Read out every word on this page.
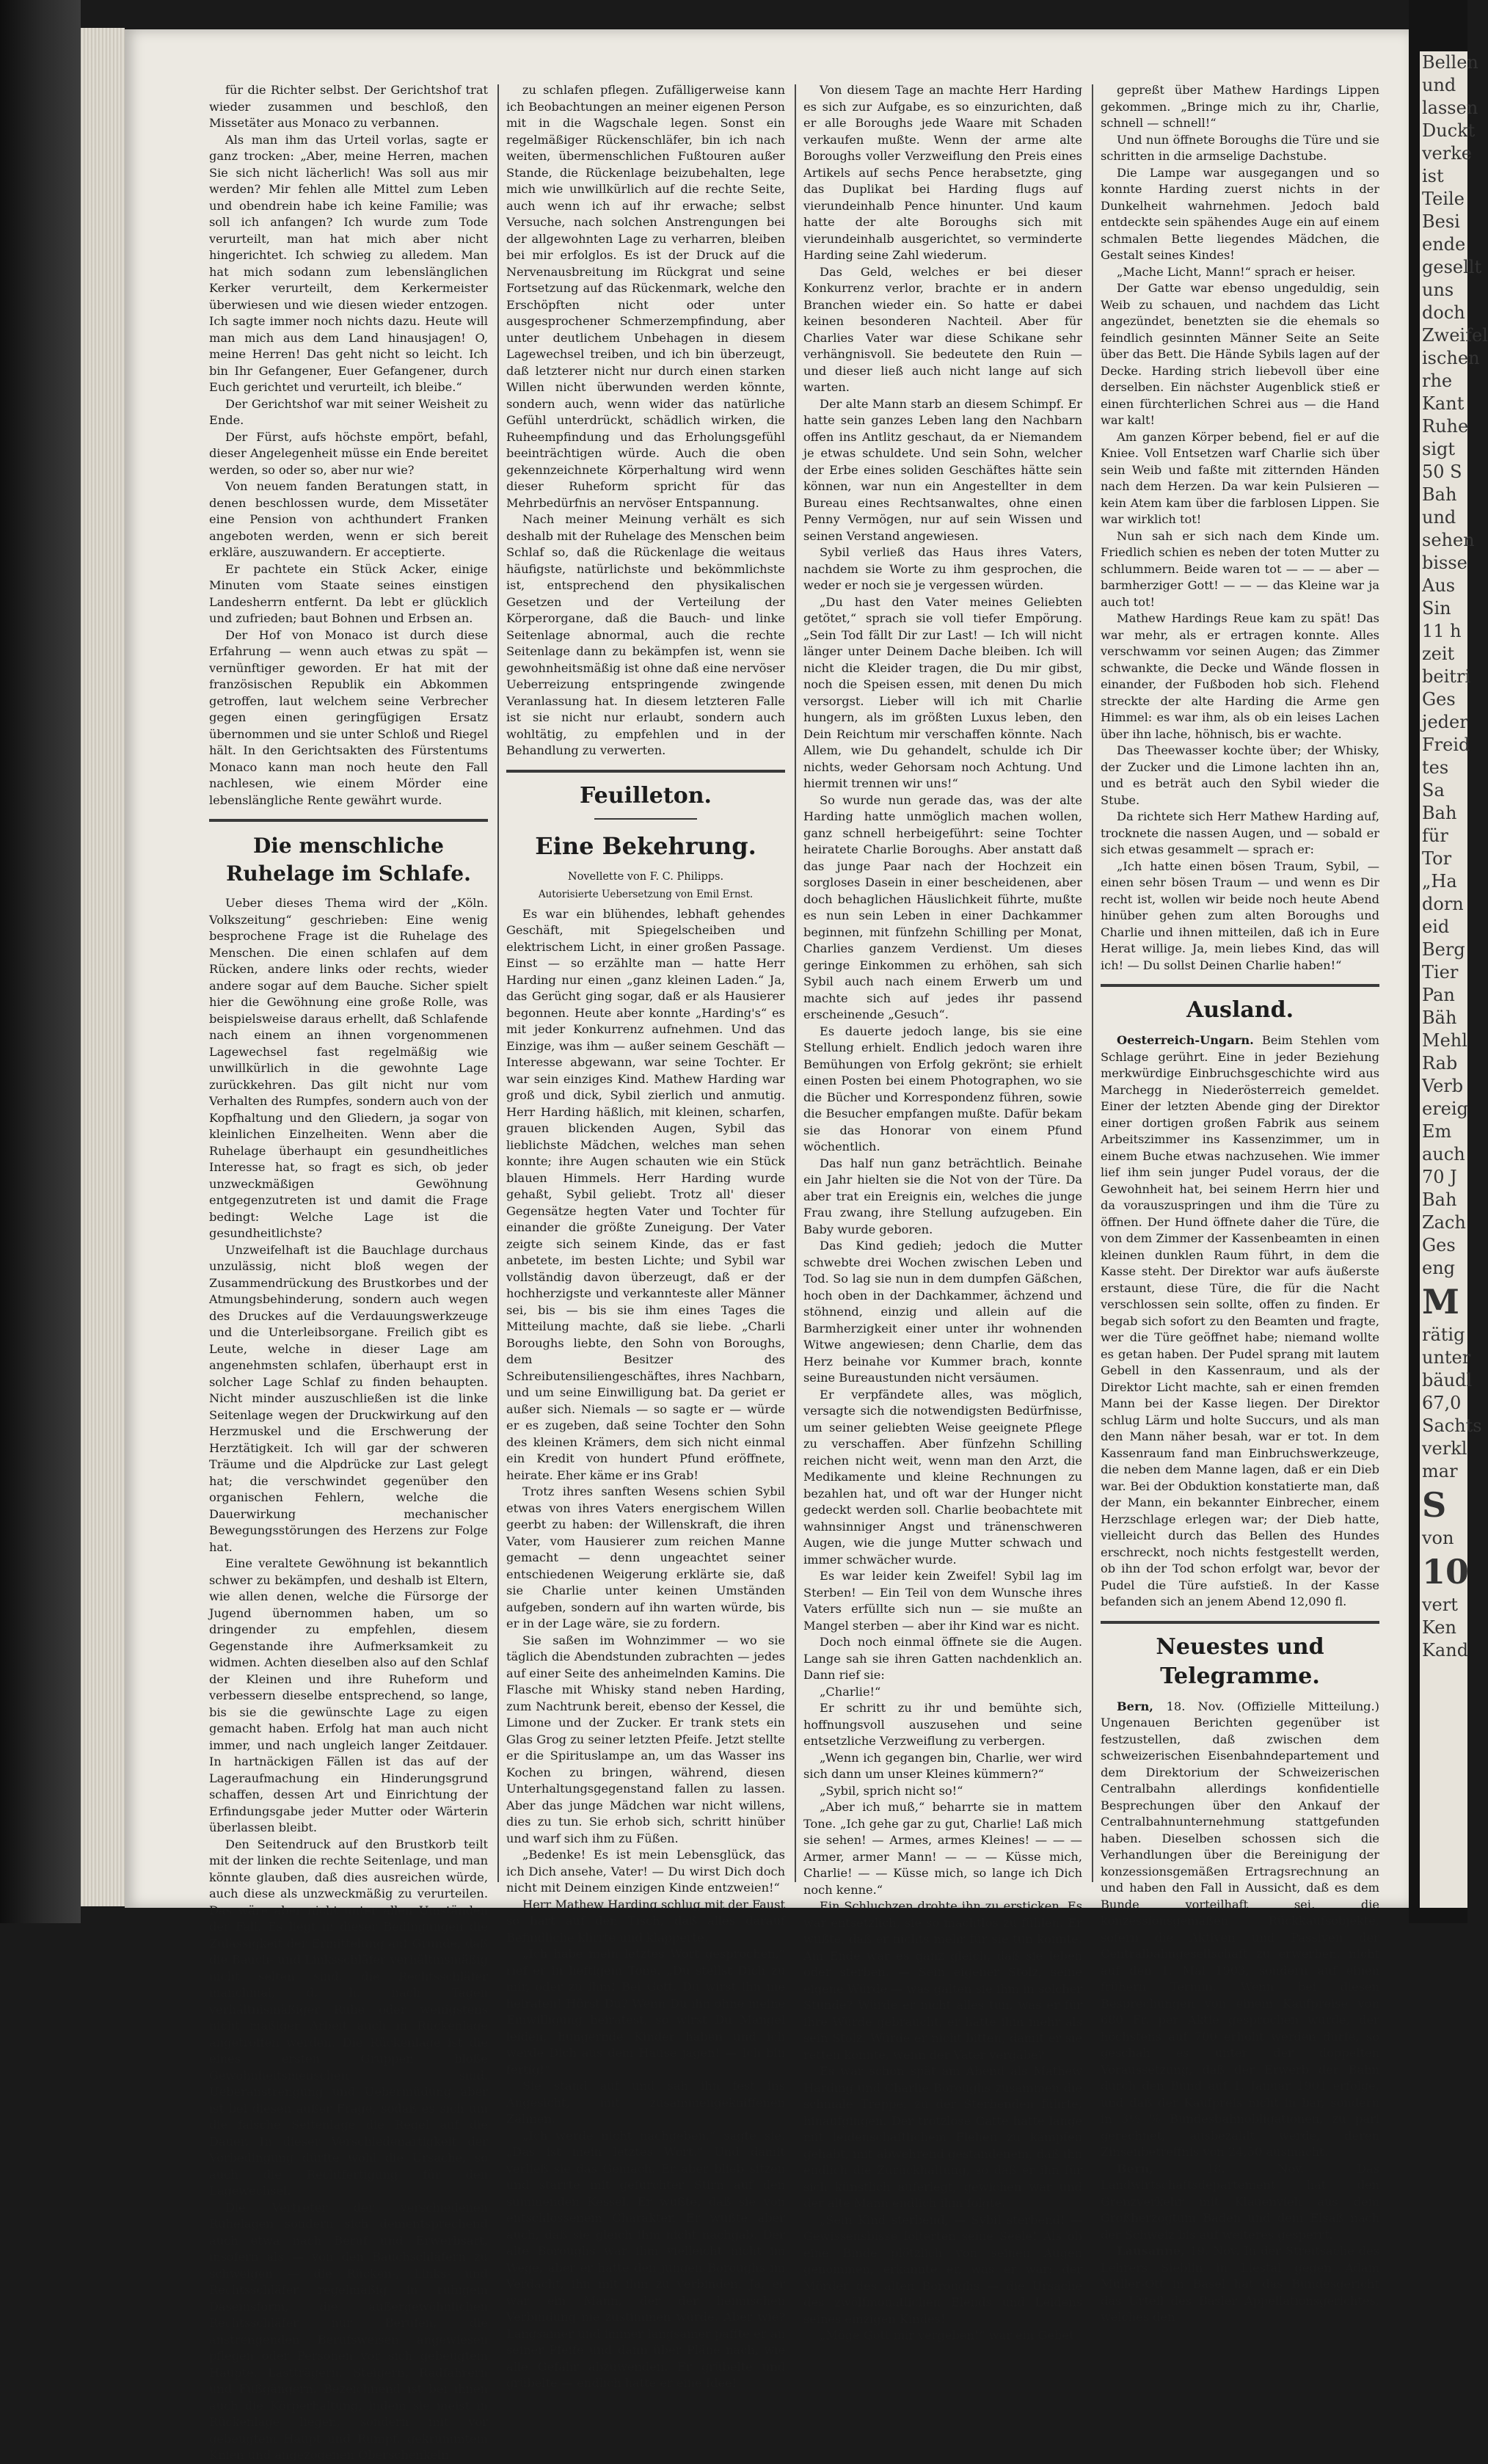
Bellen
und
lassen
Duckt
verke
ist
Teile
Besi
ende
gesellt
uns
doch
Zweifel
ischen
rhe
Kant
Ruhe
sigt
50 S
Bah
und
sehen
bisse
Aus
Sin
11 h
zeit
beitri
Ges
jeder
Freid
tes
Sa
Bah
für
Tor
„Ha
dorn
eid
Berg
Tier
Pan
Bäh
Mehl
Rab
Verb
ereig
Em
auch
70 J
Bah
Zach
Ges
eng
M
rätig
unter
bäudl
67,0
Sachts
verkl
mar
S
von
10
vert
Ken
Kand

für die Richter selbst. Der Gerichtshof trat wieder zusammen und beschloß, den Missetäter aus Monaco zu verbannen.

Als man ihm das Urteil vorlas, sagte er ganz trocken: „Aber, meine Herren, machen Sie sich nicht lächerlich! Was soll aus mir werden? Mir fehlen alle Mittel zum Leben und obendrein habe ich keine Familie; was soll ich anfangen? Ich wurde zum Tode verurteilt, man hat mich aber nicht hingerichtet. Ich schwieg zu alledem. Man hat mich sodann zum lebenslänglichen Kerker verurteilt, dem Kerkermeister überwiesen und wie diesen wieder entzogen. Ich sagte immer noch nichts dazu. Heute will man mich aus dem Land hinausjagen! O, meine Herren! Das geht nicht so leicht. Ich bin Ihr Gefangener, Euer Gefangener, durch Euch gerichtet und verurteilt, ich bleibe.“

Der Gerichtshof war mit seiner Weisheit zu Ende.

Der Fürst, aufs höchste empört, befahl, dieser Angelegenheit müsse ein Ende bereitet werden, so oder so, aber nur wie?

Von neuem fanden Beratungen statt, in denen beschlossen wurde, dem Missetäter eine Pension von achthundert Franken angeboten werden, wenn er sich bereit erkläre, auszuwandern. Er acceptierte.

Er pachtete ein Stück Acker, einige Minuten vom Staate seines einstigen Landesherrn entfernt. Da lebt er glücklich und zufrieden; baut Bohnen und Erbsen an.

Der Hof von Monaco ist durch diese Erfahrung — wenn auch etwas zu spät — vernünftiger geworden. Er hat mit der französischen Republik ein Abkommen getroffen, laut welchem seine Verbrecher gegen einen geringfügigen Ersatz übernommen und sie unter Schloß und Riegel hält. In den Gerichtsakten des Fürstentums Monaco kann man noch heute den Fall nachlesen, wie einem Mörder eine lebenslängliche Rente gewährt wurde.

Die menschliche Ruhelage im Schlafe.

Ueber dieses Thema wird der „Köln. Volkszeitung“ geschrieben: Eine wenig besprochene Frage ist die Ruhelage des Menschen. Die einen schlafen auf dem Rücken, andere links oder rechts, wieder andere sogar auf dem Bauche. Sicher spielt hier die Gewöhnung eine große Rolle, was beispielsweise daraus erhellt, daß Schlafende nach einem an ihnen vorgenommenen Lagewechsel fast regelmäßig wie unwillkürlich in die gewohnte Lage zurückkehren. Das gilt nicht nur vom Verhalten des Rumpfes, sondern auch von der Kopfhaltung und den Gliedern, ja sogar von kleinlichen Einzelheiten. Wenn aber die Ruhelage überhaupt ein gesundheitliches Interesse hat, so fragt es sich, ob jeder unzweckmäßigen Gewöhnung entgegenzutreten ist und damit die Frage bedingt: Welche Lage ist die gesundheitlichste?

Unzweifelhaft ist die Bauchlage durchaus unzulässig, nicht bloß wegen der Zusammendrückung des Brustkorbes und der Atmungsbehinderung, sondern auch wegen des Druckes auf die Verdauungswerkzeuge und die Unterleibsorgane. Freilich gibt es Leute, welche in dieser Lage am angenehmsten schlafen, überhaupt erst in solcher Lage Schlaf zu finden behaupten. Nicht minder auszuschließen ist die linke Seitenlage wegen der Druckwirkung auf den Herzmuskel und die Erschwerung der Herztätigkeit. Ich will gar der schweren Träume und die Alpdrücke zur Last gelegt hat; die verschwindet gegenüber den organischen Fehlern, welche die Dauerwirkung mechanischer Bewegungsstörungen des Herzens zur Folge hat.

Eine veraltete Gewöhnung ist bekanntlich schwer zu bekämpfen, und deshalb ist Eltern, wie allen denen, welche die Fürsorge der Jugend übernommen haben, um so dringender zu empfehlen, diesem Gegenstande ihre Aufmerksamkeit zu widmen. Achten dieselben also auf den Schlaf der Kleinen und ihre Ruheform und verbessern dieselbe entsprechend, so lange, bis sie die gewünschte Lage zu eigen gemacht haben. Erfolg hat man auch nicht immer, und nach ungleich langer Zeitdauer. In hartnäckigen Fällen ist das auf der Lageraufmachung ein Hinderungsgrund schaffen, dessen Art und Einrichtung der Erfindungsgabe jeder Mutter oder Wärterin überlassen bleibt.

Den Seitendruck auf den Brustkorb teilt mit der linken die rechte Seitenlage, und man könnte glauben, daß dies ausreichen würde, auch diese als unzweckmäßig zu verurteilen. Das wäre aber nicht unter allen Umständen der Fall. Es liegt in dieser Bedingungen die Zulässigkeit der Ermittelung auf Grunde, daß die Bauch- und Linksschläfer verhältnismäßig nicht selten sind, die Rechtsschläfer manchmal, d. h. nach Tagen verhältnismäßiger Ruhe oder wenigstens nicht mäßiger Arbeit auch in Rückenlage angetroffen werden. Die Rückenlage ist die eines ersten Gruppen bloße Gewohnheitsmenschen sind. Ueberanstrengung und Uebermüdung aber ist bei diesen außer Frage, sodaß es sich um die falsche Seitenlage die Regel auf die Dauer. In dieser Verschiedenartigkeit der Vorbedingung dürfte wohl die Ursache, so auch die Rechtfertigung für den Lagewechsel.

Die Vertreter der verschiedenen Ruhelagen sondern sich dementsprechend auch etwa nach Beruf und Erwerbsart, insofern als — von den Bauchschläfern zu schweigen — die Rücken-, Links- und Rechtsschläfer regelmäßig in ruhigem Daseinsform, die außergewöhnlichen Rechtsschläfer nur Berufen, die anstrengenden Berufsweisen angewiesen pflegen oder Personen vor sich gebeugtem Haupte, Lastträgern, Steigern, Radfahrern und Fußgängern. Bezeichnend ist bei ihnen auch die Körperhaltung, indem sie meist in Rückenlage liegen, sondern mit vor gebeugtem Haupt und Rumpf, gekrümmtem Knien und angezogenen Oberschenkeln

zu schlafen pflegen. Zufälligerweise kann ich Beobachtungen an meiner eigenen Person mit in die Wagschale legen. Sonst ein regelmäßiger Rückenschläfer, bin ich nach weiten, übermenschlichen Fußtouren außer Stande, die Rückenlage beizubehalten, lege mich wie unwillkürlich auf die rechte Seite, auch wenn ich auf ihr erwache; selbst Versuche, nach solchen Anstrengungen bei der allgewohnten Lage zu verharren, bleiben bei mir erfolglos. Es ist der Druck auf die Nervenausbreitung im Rückgrat und seine Fortsetzung auf das Rückenmark, welche den Erschöpften nicht oder unter ausgesprochener Schmerzempfindung, aber unter deutlichem Unbehagen in diesem Lagewechsel treiben, und ich bin überzeugt, daß letzterer nicht nur durch einen starken Willen nicht überwunden werden könnte, sondern auch, wenn wider das natürliche Gefühl unterdrückt, schädlich wirken, die Ruheempfindung und das Erholungsgefühl beeinträchtigen würde. Auch die oben gekennzeichnete Körperhaltung wird wenn dieser Ruheform spricht für das Mehrbedürfnis an nervöser Entspannung.

Nach meiner Meinung verhält es sich deshalb mit der Ruhelage des Menschen beim Schlaf so, daß die Rückenlage die weitaus häufigste, natürlichste und bekömmlichste ist, entsprechend den physikalischen Gesetzen und der Verteilung der Körperorgane, daß die Bauch- und linke Seitenlage abnormal, auch die rechte Seitenlage dann zu bekämpfen ist, wenn sie gewohnheitsmäßig ist ohne daß eine nervöser Ueberreizung entspringende zwingende Veranlassung hat. In diesem letzteren Falle ist sie nicht nur erlaubt, sondern auch wohltätig, zu empfehlen und in der Behandlung zu verwerten.

Feuilleton.
Eine Bekehrung.
Novellette von F. C. Philipps.
Autorisierte Uebersetzung von Emil Ernst.

Es war ein blühendes, lebhaft gehendes Geschäft, mit Spiegelscheiben und elektrischem Licht, in einer großen Passage. Einst — so erzählte man — hatte Herr Harding nur einen „ganz kleinen Laden.“ Ja, das Gerücht ging sogar, daß er als Hausierer begonnen. Heute aber konnte „Harding's“ es mit jeder Konkurrenz aufnehmen. Und das Einzige, was ihm — außer seinem Geschäft — Interesse abgewann, war seine Tochter. Er war sein einziges Kind. Mathew Harding war groß und dick, Sybil zierlich und anmutig. Herr Harding häßlich, mit kleinen, scharfen, grauen blickenden Augen, Sybil das lieblichste Mädchen, welches man sehen konnte; ihre Augen schauten wie ein Stück blauen Himmels. Herr Harding wurde gehaßt, Sybil geliebt. Trotz all' dieser Gegensätze hegten Vater und Tochter für einander die größte Zuneigung. Der Vater zeigte sich seinem Kinde, das er fast anbetete, im besten Lichte; und Sybil war vollständig davon überzeugt, daß er der hochherzigste und verkannteste aller Männer sei, bis — bis sie ihm eines Tages die Mitteilung machte, daß sie liebe. „Charli Boroughs liebte, den Sohn von Boroughs, dem Besitzer des Schreibutensiliengeschäftes, ihres Nachbarn, und um seine Einwilligung bat. Da geriet er außer sich. Niemals — so sagte er — würde er es zugeben, daß seine Tochter den Sohn des kleinen Krämers, dem sich nicht einmal ein Kredit von hundert Pfund eröffnete, heirate. Eher käme er ins Grab!

Trotz ihres sanften Wesens schien Sybil etwas von ihres Vaters energischem Willen geerbt zu haben: der Willenskraft, die ihren Vater, vom Hausierer zum reichen Manne gemacht — denn ungeachtet seiner entschiedenen Weigerung erklärte sie, daß sie Charlie unter keinen Umständen aufgeben, sondern auf ihn warten würde, bis er in der Lage wäre, sie zu fordern.

Sie saßen im Wohnzimmer — wo sie täglich die Abendstunden zubrachten — jedes auf einer Seite des anheimelnden Kamins. Die Flasche mit Whisky stand neben Harding, zum Nachtrunk bereit, ebenso der Kessel, die Limone und der Zucker. Er trank stets ein Glas Grog zu seiner letzten Pfeife. Jetzt stellte er die Spirituslampe an, um das Wasser ins Kochen zu bringen, während, diesen Unterhaltungsgegenstand fallen zu lassen. Aber das junge Mädchen war nicht willens, dies zu tun. Sie erhob sich, schritt hinüber und warf sich ihm zu Füßen.

„Bedenke! Es ist mein Lebensglück, das ich Dich ansehe, Vater! — Du wirst Dich doch nicht mit Deinem einzigen Kinde entzweien!“

Herr Mathew Harding schlug mit der Faust so hart auf den Tisch, daß alles darauf Befindliche klirrte und klapperte.

„Ich habe mein letztes Wort gesprochen,“ rief er in heftigem Tone. „Du stellst Dich zu mir, oder zu ihm! Bei Gott, Du wirst ihn nie heiraten! Hörst Du? Wenn Du ihn ohne meine Einwilligung heiratest, so wirst Du Mangel leiden, hungernde Kinder haben und ich werde Dich aus dem Hause jagen! — Ich bin fertig!“

Sie stand auf und sah ihn fest ins Angesicht, mit zusammengekniffenen Zähnen.

„Ich werde nicht nachgeben,“ sagte sie. „Das ist mein letztes Wort.“ Und damit verließ sie das Gemach. Er aber blieb sitzen und starrte mit gefurchter Stirn auf den summenden Kessel. Er wußte, daß sie von entschlossenem Charakter. Er wußte aber auch, daß sie gleich ihm nicht nachgab. Der alte Boroughs war ihm vielleicht nicht im Wege, aber er hatte den jungen Boroughs im Verdacht, ihn mit ihm zu verbinden. Ja, er war ein Mann, der der heimischen Verbindung nie zustimmen würde. Aber wie? Langsamer und immer langsamer paffte er an seiner Pfeife und dann über Pläne nach, wie alle Gefahr abzuwenden. Er grübelte und grübelte — endlich hatte er eine Idee!

Von diesem Tage an machte Herr Harding es sich zur Aufgabe, es so einzurichten, daß er alle Boroughs jede Waare mit Schaden verkaufen mußte. Wenn der arme alte Boroughs voller Verzweiflung den Preis eines Artikels auf sechs Pence herabsetzte, ging das Duplikat bei Harding flugs auf vierundeinhalb Pence hinunter. Und kaum hatte der alte Boroughs sich mit vierundeinhalb ausgerichtet, so verminderte Harding seine Zahl wiederum.

Das Geld, welches er bei dieser Konkurrenz verlor, brachte er in andern Branchen wieder ein. So hatte er dabei keinen besonderen Nachteil. Aber für Charlies Vater war diese Schikane sehr verhängnisvoll. Sie bedeutete den Ruin — und dieser ließ auch nicht lange auf sich warten.

Der alte Mann starb an diesem Schimpf. Er hatte sein ganzes Leben lang den Nachbarn offen ins Antlitz geschaut, da er Niemandem je etwas schuldete. Und sein Sohn, welcher der Erbe eines soliden Geschäftes hätte sein können, war nun ein Angestellter in dem Bureau eines Rechtsanwaltes, ohne einen Penny Vermögen, nur auf sein Wissen und seinen Verstand angewiesen.

Sybil verließ das Haus ihres Vaters, nachdem sie Worte zu ihm gesprochen, die weder er noch sie je vergessen würden.

„Du hast den Vater meines Geliebten getötet,“ sprach sie voll tiefer Empörung. „Sein Tod fällt Dir zur Last! — Ich will nicht länger unter Deinem Dache bleiben. Ich will nicht die Kleider tragen, die Du mir gibst, noch die Speisen essen, mit denen Du mich versorgst. Lieber will ich mit Charlie hungern, als im größten Luxus leben, den Dein Reichtum mir verschaffen könnte. Nach Allem, wie Du gehandelt, schulde ich Dir nichts, weder Gehorsam noch Achtung. Und hiermit trennen wir uns!“

So wurde nun gerade das, was der alte Harding hatte unmöglich machen wollen, ganz schnell herbeigeführt: seine Tochter heiratete Charlie Boroughs. Aber anstatt daß das junge Paar nach der Hochzeit ein sorgloses Dasein in einer bescheidenen, aber doch behaglichen Häuslichkeit führte, mußte es nun sein Leben in einer Dachkammer beginnen, mit fünfzehn Schilling per Monat, Charlies ganzem Verdienst. Um dieses geringe Einkommen zu erhöhen, sah sich Sybil auch nach einem Erwerb um und machte sich auf jedes ihr passend erscheinende „Gesuch“.

Es dauerte jedoch lange, bis sie eine Stellung erhielt. Endlich jedoch waren ihre Bemühungen von Erfolg gekrönt; sie erhielt einen Posten bei einem Photographen, wo sie die Bücher und Korrespondenz führen, sowie die Besucher empfangen mußte. Dafür bekam sie das Honorar von einem Pfund wöchentlich.

Das half nun ganz beträchtlich. Beinahe ein Jahr hielten sie die Not von der Türe. Da aber trat ein Ereignis ein, welches die junge Frau zwang, ihre Stellung aufzugeben. Ein Baby wurde geboren.

Das Kind gedieh; jedoch die Mutter schwebte drei Wochen zwischen Leben und Tod. So lag sie nun in dem dumpfen Gäßchen, hoch oben in der Dachkammer, ächzend und stöhnend, einzig und allein auf die Barmherzigkeit einer unter ihr wohnenden Witwe angewiesen; denn Charlie, dem das Herz beinahe vor Kummer brach, konnte seine Bureaustunden nicht versäumen.

Er verpfändete alles, was möglich, versagte sich die notwendigsten Bedürfnisse, um seiner geliebten Weise geeignete Pflege zu verschaffen. Aber fünfzehn Schilling reichen nicht weit, wenn man den Arzt, die Medikamente und kleine Rechnungen zu bezahlen hat, und oft war der Hunger nicht gedeckt werden soll. Charlie beobachtete mit wahnsinniger Angst und tränenschweren Augen, wie die junge Mutter schwach und immer schwächer wurde.

Es war leider kein Zweifel! Sybil lag im Sterben! — Ein Teil von dem Wunsche ihres Vaters erfüllte sich nun — sie mußte an Mangel sterben — aber ihr Kind war es nicht.

Doch noch einmal öffnete sie die Augen. Lange sah sie ihren Gatten nachdenklich an. Dann rief sie:

„Charlie!“

Er schritt zu ihr und bemühte sich, hoffnungsvoll auszusehen und seine entsetzliche Verzweiflung zu verbergen.

„Wenn ich gegangen bin, Charlie, wer wird sich dann um unser Kleines kümmern?“

„Sybil, sprich nicht so!“

„Aber ich muß,“ beharrte sie in mattem Tone. „Ich gehe gar zu gut, Charlie! Laß mich sie sehen! — Armes, armes Kleines! — — — Armer, armer Mann! — — — Küsse mich, Charlie! — — Küsse mich, so lange ich Dich noch kenne.“

Ein Schluchzen drohte ihn zu ersticken. Es war entsetzlich, sie so machtlos zu fühlen. Er wußte, daß er nichts mehr für sie tun konnte. Am Ende war es ganz gleich, daß sie leben oder sterben. — Sein eigener Stolz, seine eigene Würde — was galten sie ihm in solcher Stunde? Würde er nicht alles tun, was er für ihre Würde gebraucht, er hätte ihm mehr als sein Stolz. Würde er nicht bitten, damit er sie retten konnte, wenn der Vater vergäbe?

Es war schon spät am Abend als Mathew Harding und Charlie Boroughs zusammen die schmale Treppe, zu der Sterbenden führte, hinaufgingen. Der trotzlose Gatte hatte lange mit leidenschaftlichem Flehen zu kämpfen gehabt, mit abwehrend gestandenem, daß ihn endlich die Zurückhaltung, so daß er ihn für sich künstlich auferlegt, gewichen war und der alte Mann endlich ihm folgte.

„Sein Kind sterbend, — Sybil sterbend! — Gewissensbisse folterten seine Seele! Als ob eine Binde plötzlich von seinen Augen genommen, erkannte er, was er war: der Mörder des alten Boroughs — die Ursache des zwölfmonatlichen Elends und Leidens seines einzigen Kindes!

„Möge Gott mir vergeben!“ war ein Gebet

gepreßt über Mathew Hardings Lippen gekommen. „Bringe mich zu ihr, Charlie, schnell — schnell!“

Und nun öffnete Boroughs die Türe und sie schritten in die armselige Dachstube.

Die Lampe war ausgegangen und so konnte Harding zuerst nichts in der Dunkelheit wahrnehmen. Jedoch bald entdeckte sein spähendes Auge ein auf einem schmalen Bette liegendes Mädchen, die Gestalt seines Kindes!

„Mache Licht, Mann!“ sprach er heiser.

Der Gatte war ebenso ungeduldig, sein Weib zu schauen, und nachdem das Licht angezündet, benetzten sie die ehemals so feindlich gesinnten Männer Seite an Seite über das Bett. Die Hände Sybils lagen auf der Decke. Harding strich liebevoll über eine derselben. Ein nächster Augenblick stieß er einen fürchterlichen Schrei aus — die Hand war kalt!

Am ganzen Körper bebend, fiel er auf die Kniee. Voll Entsetzen warf Charlie sich über sein Weib und faßte mit zitternden Händen nach dem Herzen. Da war kein Pulsieren — kein Atem kam über die farblosen Lippen. Sie war wirklich tot!

Nun sah er sich nach dem Kinde um. Friedlich schien es neben der toten Mutter zu schlummern. Beide waren tot — — — aber — barmherziger Gott! — — — das Kleine war ja auch tot!

Mathew Hardings Reue kam zu spät! Das war mehr, als er ertragen konnte. Alles verschwamm vor seinen Augen; das Zimmer schwankte, die Decke und Wände flossen in einander, der Fußboden hob sich. Flehend streckte der alte Harding die Arme gen Himmel: es war ihm, als ob ein leises Lachen über ihn lache, höhnisch, bis er wachte.

Das Theewasser kochte über; der Whisky, der Zucker und die Limone lachten ihn an, und es beträt auch den Sybil wieder die Stube.

Da richtete sich Herr Mathew Harding auf, trocknete die nassen Augen, und — sobald er sich etwas gesammelt — sprach er:

„Ich hatte einen bösen Traum, Sybil, — einen sehr bösen Traum — und wenn es Dir recht ist, wollen wir beide noch heute Abend hinüber gehen zum alten Boroughs und Charlie und ihnen mitteilen, daß ich in Eure Herat willige. Ja, mein liebes Kind, das will ich! — Du sollst Deinen Charlie haben!“

Ausland.

Oesterreich-Ungarn. Beim Stehlen vom Schlage gerührt. Eine in jeder Beziehung merkwürdige Einbruchsgeschichte wird aus Marchegg in Niederösterreich gemeldet. Einer der letzten Abende ging der Direktor einer dortigen großen Fabrik aus seinem Arbeitszimmer ins Kassenzimmer, um in einem Buche etwas nachzusehen. Wie immer lief ihm sein junger Pudel voraus, der die Gewohnheit hat, bei seinem Herrn hier und da vorauszuspringen und ihm die Türe zu öffnen. Der Hund öffnete daher die Türe, die von dem Zimmer der Kassenbeamten in einen kleinen dunklen Raum führt, in dem die Kasse steht. Der Direktor war aufs äußerste erstaunt, diese Türe, die für die Nacht verschlossen sein sollte, offen zu finden. Er begab sich sofort zu den Beamten und fragte, wer die Türe geöffnet habe; niemand wollte es getan haben. Der Pudel sprang mit lautem Gebell in den Kassenraum, und als der Direktor Licht machte, sah er einen fremden Mann bei der Kasse liegen. Der Direktor schlug Lärm und holte Succurs, und als man den Mann näher besah, war er tot. In dem Kassenraum fand man Einbruchswerkzeuge, die neben dem Manne lagen, daß er ein Dieb war. Bei der Obduktion konstatierte man, daß der Mann, ein bekannter Einbrecher, einem Herzschlage erlegen war; der Dieb hatte, vielleicht durch das Bellen des Hundes erschreckt, noch nichts festgestellt werden, ob ihn der Tod schon erfolgt war, bevor der Pudel die Türe aufstieß. In der Kasse befanden sich an jenem Abend 12,090 fl.

Neuestes und Telegramme.

Bern, 18. Nov. (Offizielle Mitteilung.) Ungenauen Berichten gegenüber ist festzustellen, daß zwischen dem schweizerischen Eisenbahndepartement und dem Direktorium der Schweizerischen Centralbahn allerdings konfidentielle Besprechungen über den Ankauf der Centralbahnunternehmung stattgefunden haben. Dieselben schossen sich die Verhandlungen über die Bereinigung der konzessionsgemäßen Ertragsrechnung an und haben den Fall in Aussicht, daß es dem Bunde vorteilhaft sei, die konzessionsgemäßen Rückkaufsobjekte, sofern die Aktiven und Passiven der Centralbahngesellschaft zu erwerben, nicht auf den 1. Mai 1903, sondern auf einen frühern Termin. Wenn bei diesen Besprechungen von einem Kaufpreise von 680 Fr. per Aktie gesprochen wurde, der höchstens auf 700 erhöht werden dürfe, so geschah es unter der doppelten Voraussetzung, daß der Erwerb der Bahn durch den Bund auf 1. Januar 1901 erfolge, und daß der Kaufpreis nicht in bar, sondern in 3½ % Bundesbahnobligationen, zu pari gerechnet, ausbezahlt werde, deren Zinsenbetreffnis von 24,50 ausmacht.

Bern, 18. Nov. Das Landwirtschaftsdepartement hat den Grenzverkehr mit Klauenvieh aus dem Großherzogtum Baden und dem Elsaß nach der Schweiz bis auf weiteres gesperrt.

Lausanne, 19. Nov. In der Streitsache des Lehrers Sieblin in Liestal gegen Adam Müller-Ott in Basel hat das Bundesgericht das Urteil des Basler Appellationsgerichtes, welches den
